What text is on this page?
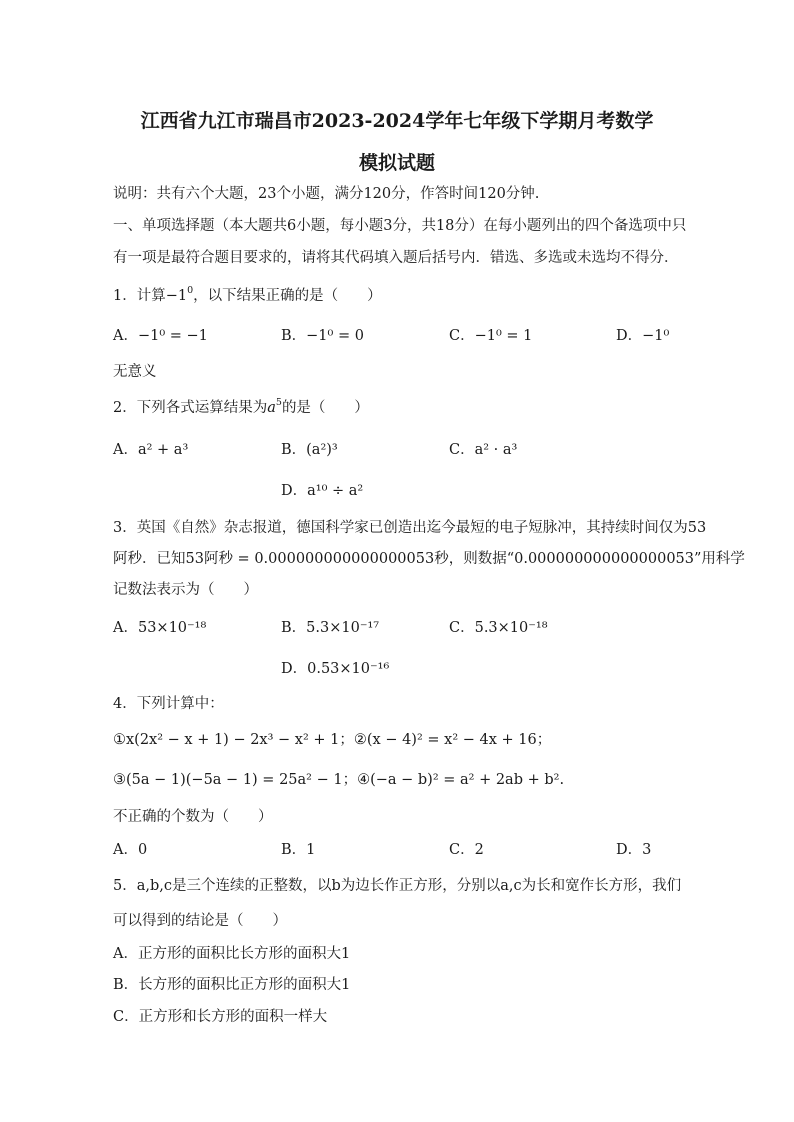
江西省九江市瑞昌市2023-2024学年七年级下学期月考数学
模拟试题
说明：共有六个大题，23个小题，满分120分，作答时间120分钟.
一、单项选择题（本大题共6小题，每小题3分，共18分）在每小题列出的四个备选项中只
有一项是最符合题目要求的，请将其代码填入题后括号内．错选、多选或未选均不得分．
1．计算$-1^0$，以下结果正确的是（　　）
A．−1⁰ = −1	B．−1⁰ = 0	C．−1⁰ = 1	D．−1⁰
无意义
2．下列各式运算结果为$a^5$的是（　　）
A．a² + a³	B．(a²)³	C．a² · a³
D．a¹⁰ ÷ a²
3．英国《自然》杂志报道，德国科学家已创造出迄今最短的电子短脉冲，其持续时间仅为53
阿秒．已知53阿秒 = 0.000000000000000053秒，则数据“0.000000000000000053”用科学
记数法表示为（　　）
A．53×10⁻¹⁸	B．5.3×10⁻¹⁷	C．5.3×10⁻¹⁸
D．0.53×10⁻¹⁶
4．下列计算中：
①x(2x² − x + 1) − 2x³ − x² + 1；②(x − 4)² = x² − 4x + 16；
③(5a − 1)(−5a − 1) = 25a² − 1；④(−a − b)² = a² + 2ab + b².
不正确的个数为（　　）
A．0	B．1	C．2	D．3
5．a,b,c是三个连续的正整数，以b为边长作正方形，分别以a,c为长和宽作长方形，我们
可以得到的结论是（　　）
A．正方形的面积比长方形的面积大1
B．长方形的面积比正方形的面积大1
C．正方形和长方形的面积一样大
